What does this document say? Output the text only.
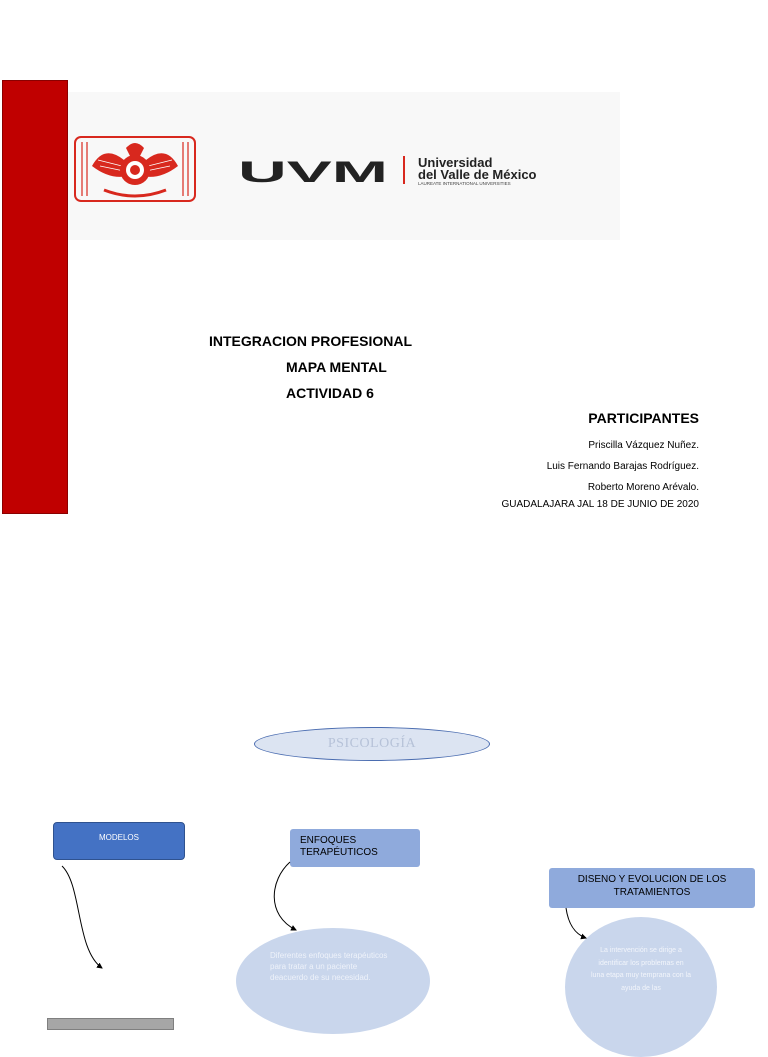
UVM Universidad
del Valle de México
LAUREATE INTERNATIONAL UNIVERSITIES
INTEGRACION PROFESIONAL
MAPA MENTAL
ACTIVIDAD 6
PARTICIPANTES
Priscilla Vázquez Nuñez.
Luis Fernando Barajas Rodríguez.
Roberto Moreno Arévalo.
GUADALAJARA JAL 18 DE JUNIO DE 2020
PSICOLOGÍA
MODELOS	ENFOQUES TERAPÉUTICOS
DISENO Y EVOLUCION DE LOS TRATAMIENTOS
Diferentes enfoques terapéuticos para tratar a un paciente deacuerdo de su necesidad.
La intervención se dirige a identificar los problemas en luna etapa muy temprana con la ayuda de las
